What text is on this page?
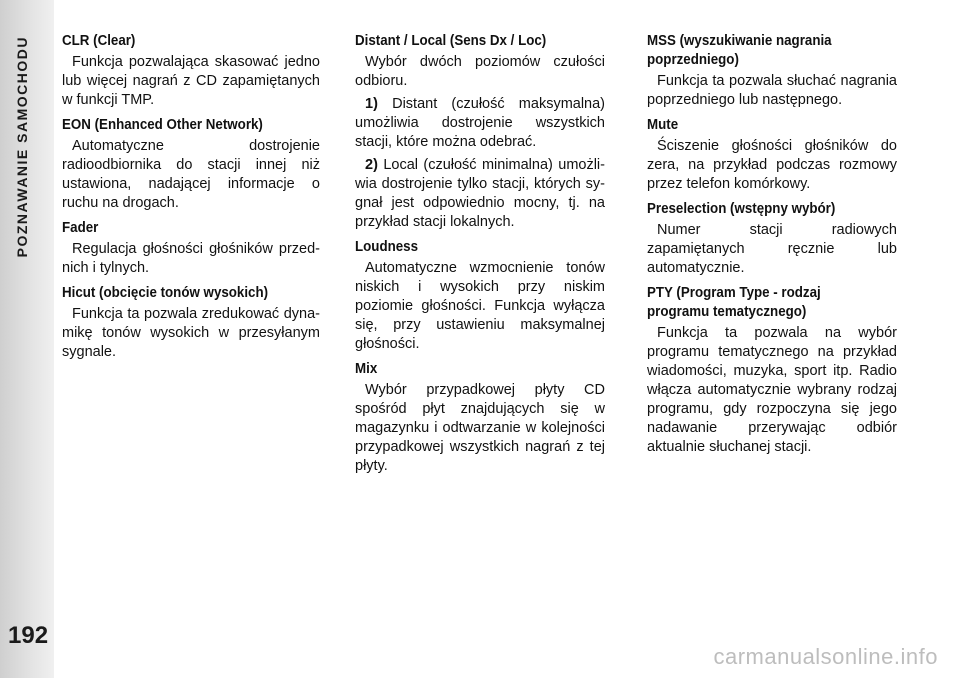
POZNAWANIE SAMOCHODU
192
CLR (Clear)
Funkcja pozwalająca skasować jedno lub więcej nagrań z CD zapamiętanych w funkcji TMP.
EON (Enhanced Other Network)
Automatyczne dostrojenie radioodbiornika do stacji innej niż ustawiona, nadającej informacje o ruchu na drogach.
Fader
Regulacja głośności głośników przednich i tylnych.
Hicut (obcięcie tonów wysokich)
Funkcja ta pozwala zredukować dynamikę tonów wysokich w przesyłanym sygnale.
Distant / Local (Sens Dx / Loc)
Wybór dwóch poziomów czułości odbioru.
1) Distant (czułość maksymalna) umożliwia dostrojenie wszystkich stacji, które można odebrać.
2) Local (czułość minimalna) umożliwia dostrojenie tylko stacji, których sygnał jest odpowiednio mocny, tj. na przykład stacji lokalnych.
Loudness
Automatyczne wzmocnienie tonów niskich i wysokich przy niskim poziomie głośności. Funkcja wyłącza się, przy ustawieniu maksymalnej głośności.
Mix
Wybór przypadkowej płyty CD spośród płyt znajdujących się w magazynku i odtwarzanie w kolejności przypadkowej wszystkich nagrań z tej płyty.
MSS (wyszukiwanie nagrania poprzedniego)
Funkcja ta pozwala słuchać nagrania poprzedniego lub następnego.
Mute
Ściszenie głośności głośników do zera, na przykład podczas rozmowy przez telefon komórkowy.
Preselection (wstępny wybór)
Numer stacji radiowych zapamiętanych ręcznie lub automatycznie.
PTY (Program Type - rodzaj programu tematycznego)
Funkcja ta pozwala na wybór programu tematycznego na przykład wiadomości, muzyka, sport itp. Radio włącza automatycznie wybrany rodzaj programu, gdy rozpoczyna się jego nadawanie przerywając odbiór aktualnie słuchanej stacji.
carmanualsonline.info
